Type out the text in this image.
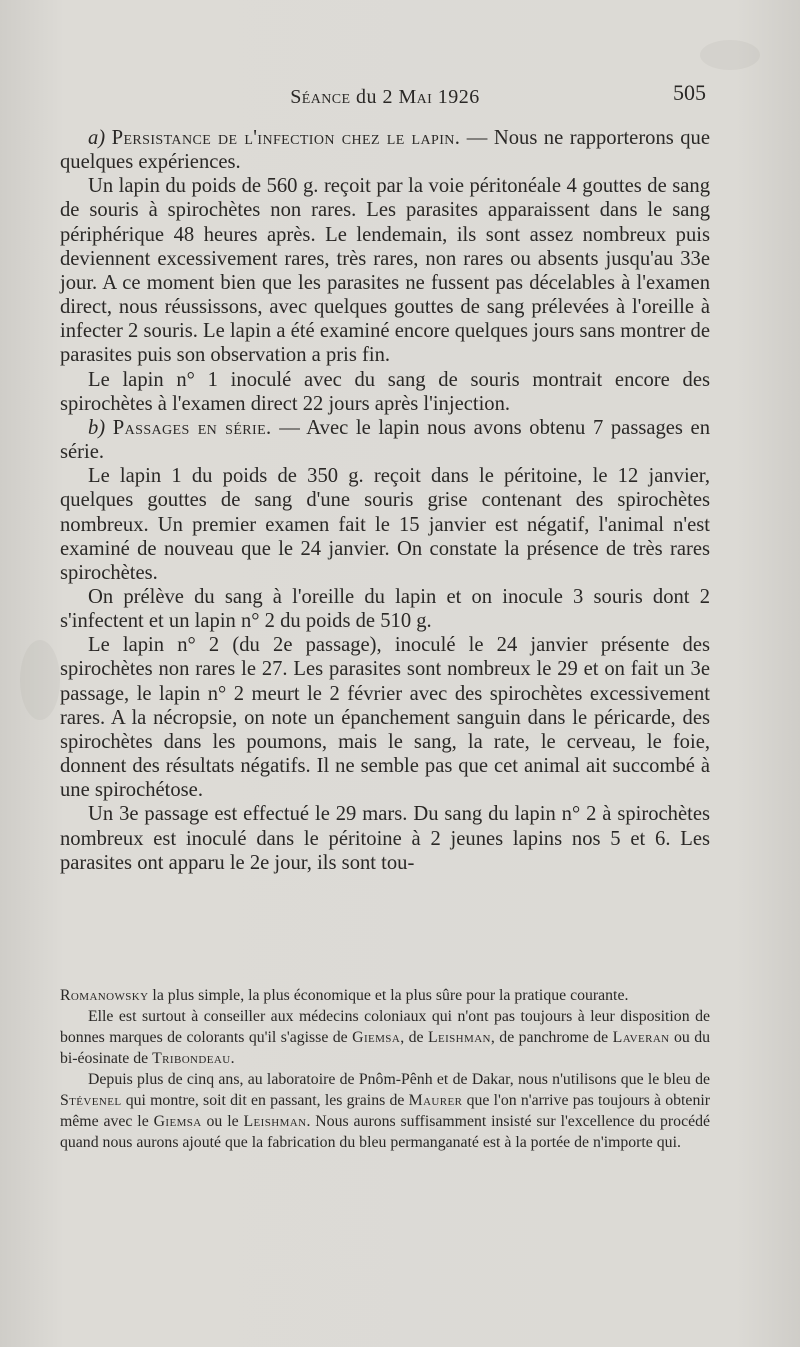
Séance du 2 Mai 1926	505

a) Persistance de l'infection chez le lapin. — Nous ne rapporterons que quelques expériences.

Un lapin du poids de 560 g. reçoit par la voie péritonéale 4 gouttes de sang de souris à spirochètes non rares. Les parasites apparaissent dans le sang périphérique 48 heures après. Le lendemain, ils sont assez nombreux puis deviennent excessivement rares, très rares, non rares ou absents jusqu'au 33e jour. A ce moment bien que les parasites ne fussent pas décelables à l'examen direct, nous réussissons, avec quelques gouttes de sang prélevées à l'oreille à infecter 2 souris. Le lapin a été examiné encore quelques jours sans montrer de parasites puis son observation a pris fin.

Le lapin n° 1 inoculé avec du sang de souris montrait encore des spirochètes à l'examen direct 22 jours après l'injection.

b) Passages en série. — Avec le lapin nous avons obtenu 7 passages en série.

Le lapin 1 du poids de 350 g. reçoit dans le péritoine, le 12 janvier, quelques gouttes de sang d'une souris grise contenant des spirochètes nombreux. Un premier examen fait le 15 janvier est négatif, l'animal n'est examiné de nouveau que le 24 janvier. On constate la présence de très rares spirochètes.

On prélève du sang à l'oreille du lapin et on inocule 3 souris dont 2 s'infectent et un lapin n° 2 du poids de 510 g.

Le lapin n° 2 (du 2e passage), inoculé le 24 janvier présente des spirochètes non rares le 27. Les parasites sont nombreux le 29 et on fait un 3e passage, le lapin n° 2 meurt le 2 février avec des spirochètes excessivement rares. A la nécropsie, on note un épanchement sanguin dans le péricarde, des spirochètes dans les poumons, mais le sang, la rate, le cerveau, le foie, donnent des résultats négatifs. Il ne semble pas que cet animal ait succombé à une spirochétose.

Un 3e passage est effectué le 29 mars. Du sang du lapin n° 2 à spirochètes nombreux est inoculé dans le péritoine à 2 jeunes lapins nos 5 et 6. Les parasites ont apparu le 2e jour, ils sont tou-

Romanowsky la plus simple, la plus économique et la plus sûre pour la pratique courante.

Elle est surtout à conseiller aux médecins coloniaux qui n'ont pas toujours à leur disposition de bonnes marques de colorants qu'il s'agisse de Giemsa, de Leishman, de panchrome de Laveran ou du bi-éosinate de Tribondeau.

Depuis plus de cinq ans, au laboratoire de Pnôm-Pênh et de Dakar, nous n'utilisons que le bleu de Stévenel qui montre, soit dit en passant, les grains de Maurer que l'on n'arrive pas toujours à obtenir même avec le Giemsa ou le Leishman. Nous aurons suffisamment insisté sur l'excellence du procédé quand nous aurons ajouté que la fabrication du bleu permanganaté est à la portée de n'importe qui.
